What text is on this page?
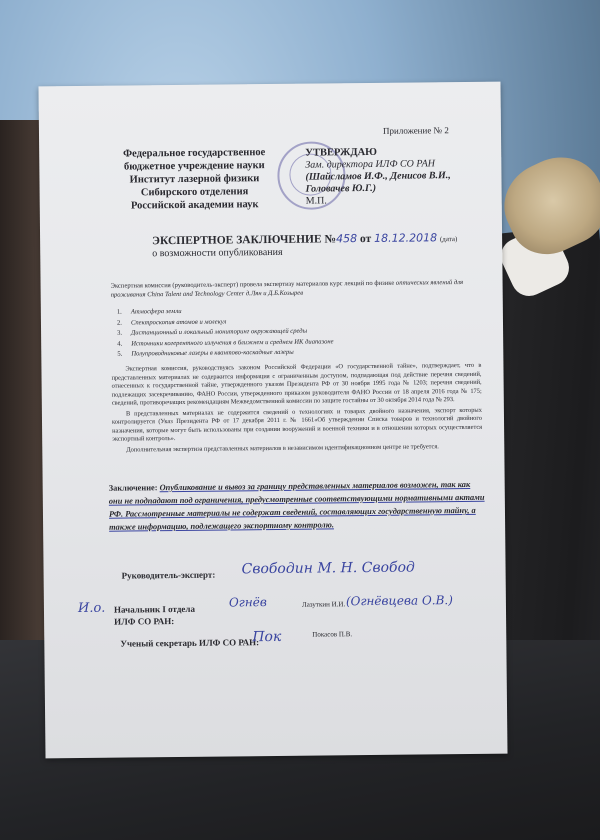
Приложение № 2
Федеральное государственное
бюджетное учреждение науки
Институт лазерной физики
Сибирского отделения
Российской академии наук
УТВЕРЖДАЮ
Зам. директора ИЛФ СО РАН
(Шайсламов И.Ф., Денисов В.И.,
Головачев Ю.Г.)
М.П.
ЭКСПЕРТНОЕ ЗАКЛЮЧЕНИЕ №458 от 18.12.2018 (дата)
о возможности опубликования
Экспертная комиссия (руководитель-эксперт) провела экспертизу материалов курс лекций по физике оптических явлений для проживания China Talent and Technology Center д.Лян и Д.Б.Козырев
1. Атмосфера земли
2. Спектроскопия атомов и молекул
3. Дистанционный и локальный мониторинг окружающей среды
4. Источники когерентного излучения в ближнем и среднем ИК диапазоне
5. Полупроводниковые лазеры в квантово-каскадные лазеры

Экспертная комиссия, руководствуясь законом Российской Федерации «О государственной тайне», подтверждает, что в представленных материалах не содержится информация с ограниченным доступом, подпадающая под действие перечня сведений, отнесенных к государственной тайне, утвержденного указом Президента РФ от 30 ноября 1995 года № 1203; перечня сведений, подлежащих засекречиванию, ФАНО России, утвержденного приказом руководителя ФАНО России от 18 апреля 2016 года № 175; сведений, противоречащих рекомендациям Межведомственной комиссии по защите гостайны от 30 октября 2014 года № 293.

В представленных материалах не содержится сведений о технологиях и товарах двойного назначения, экспорт которых контролируется (Указ Президента РФ от 17 декабря 2011 г. № 1661«Об утверждении Списка товаров и технологий двойного назначения, которые могут быть использованы при создании вооружений и военной техники и в отношении которых осуществляется экспортный контроль».

Дополнительная экспертиза представленных материалов в независимом идентификационном центре не требуется.

Заключение: Опубликование и вывоз за границу представленных материалов возможен, так как они не подпадают под ограничения, предусмотренные соответствующими нормативными актами РФ. Рассмотренные материалы не содержат сведений, составляющих государственную тайну, а также информацию, подлежащего экспортному контролю.
Руководитель-эксперт: Свободин М. Н. Свобод
И.о. Начальник I отдела
ИЛФ СО РАН:
Огнёв	Лазуткин И.И. (Огнёвцева О.В.)
Ученый секретарь ИЛФ СО РАН:
Пок	Покасов П.В.
